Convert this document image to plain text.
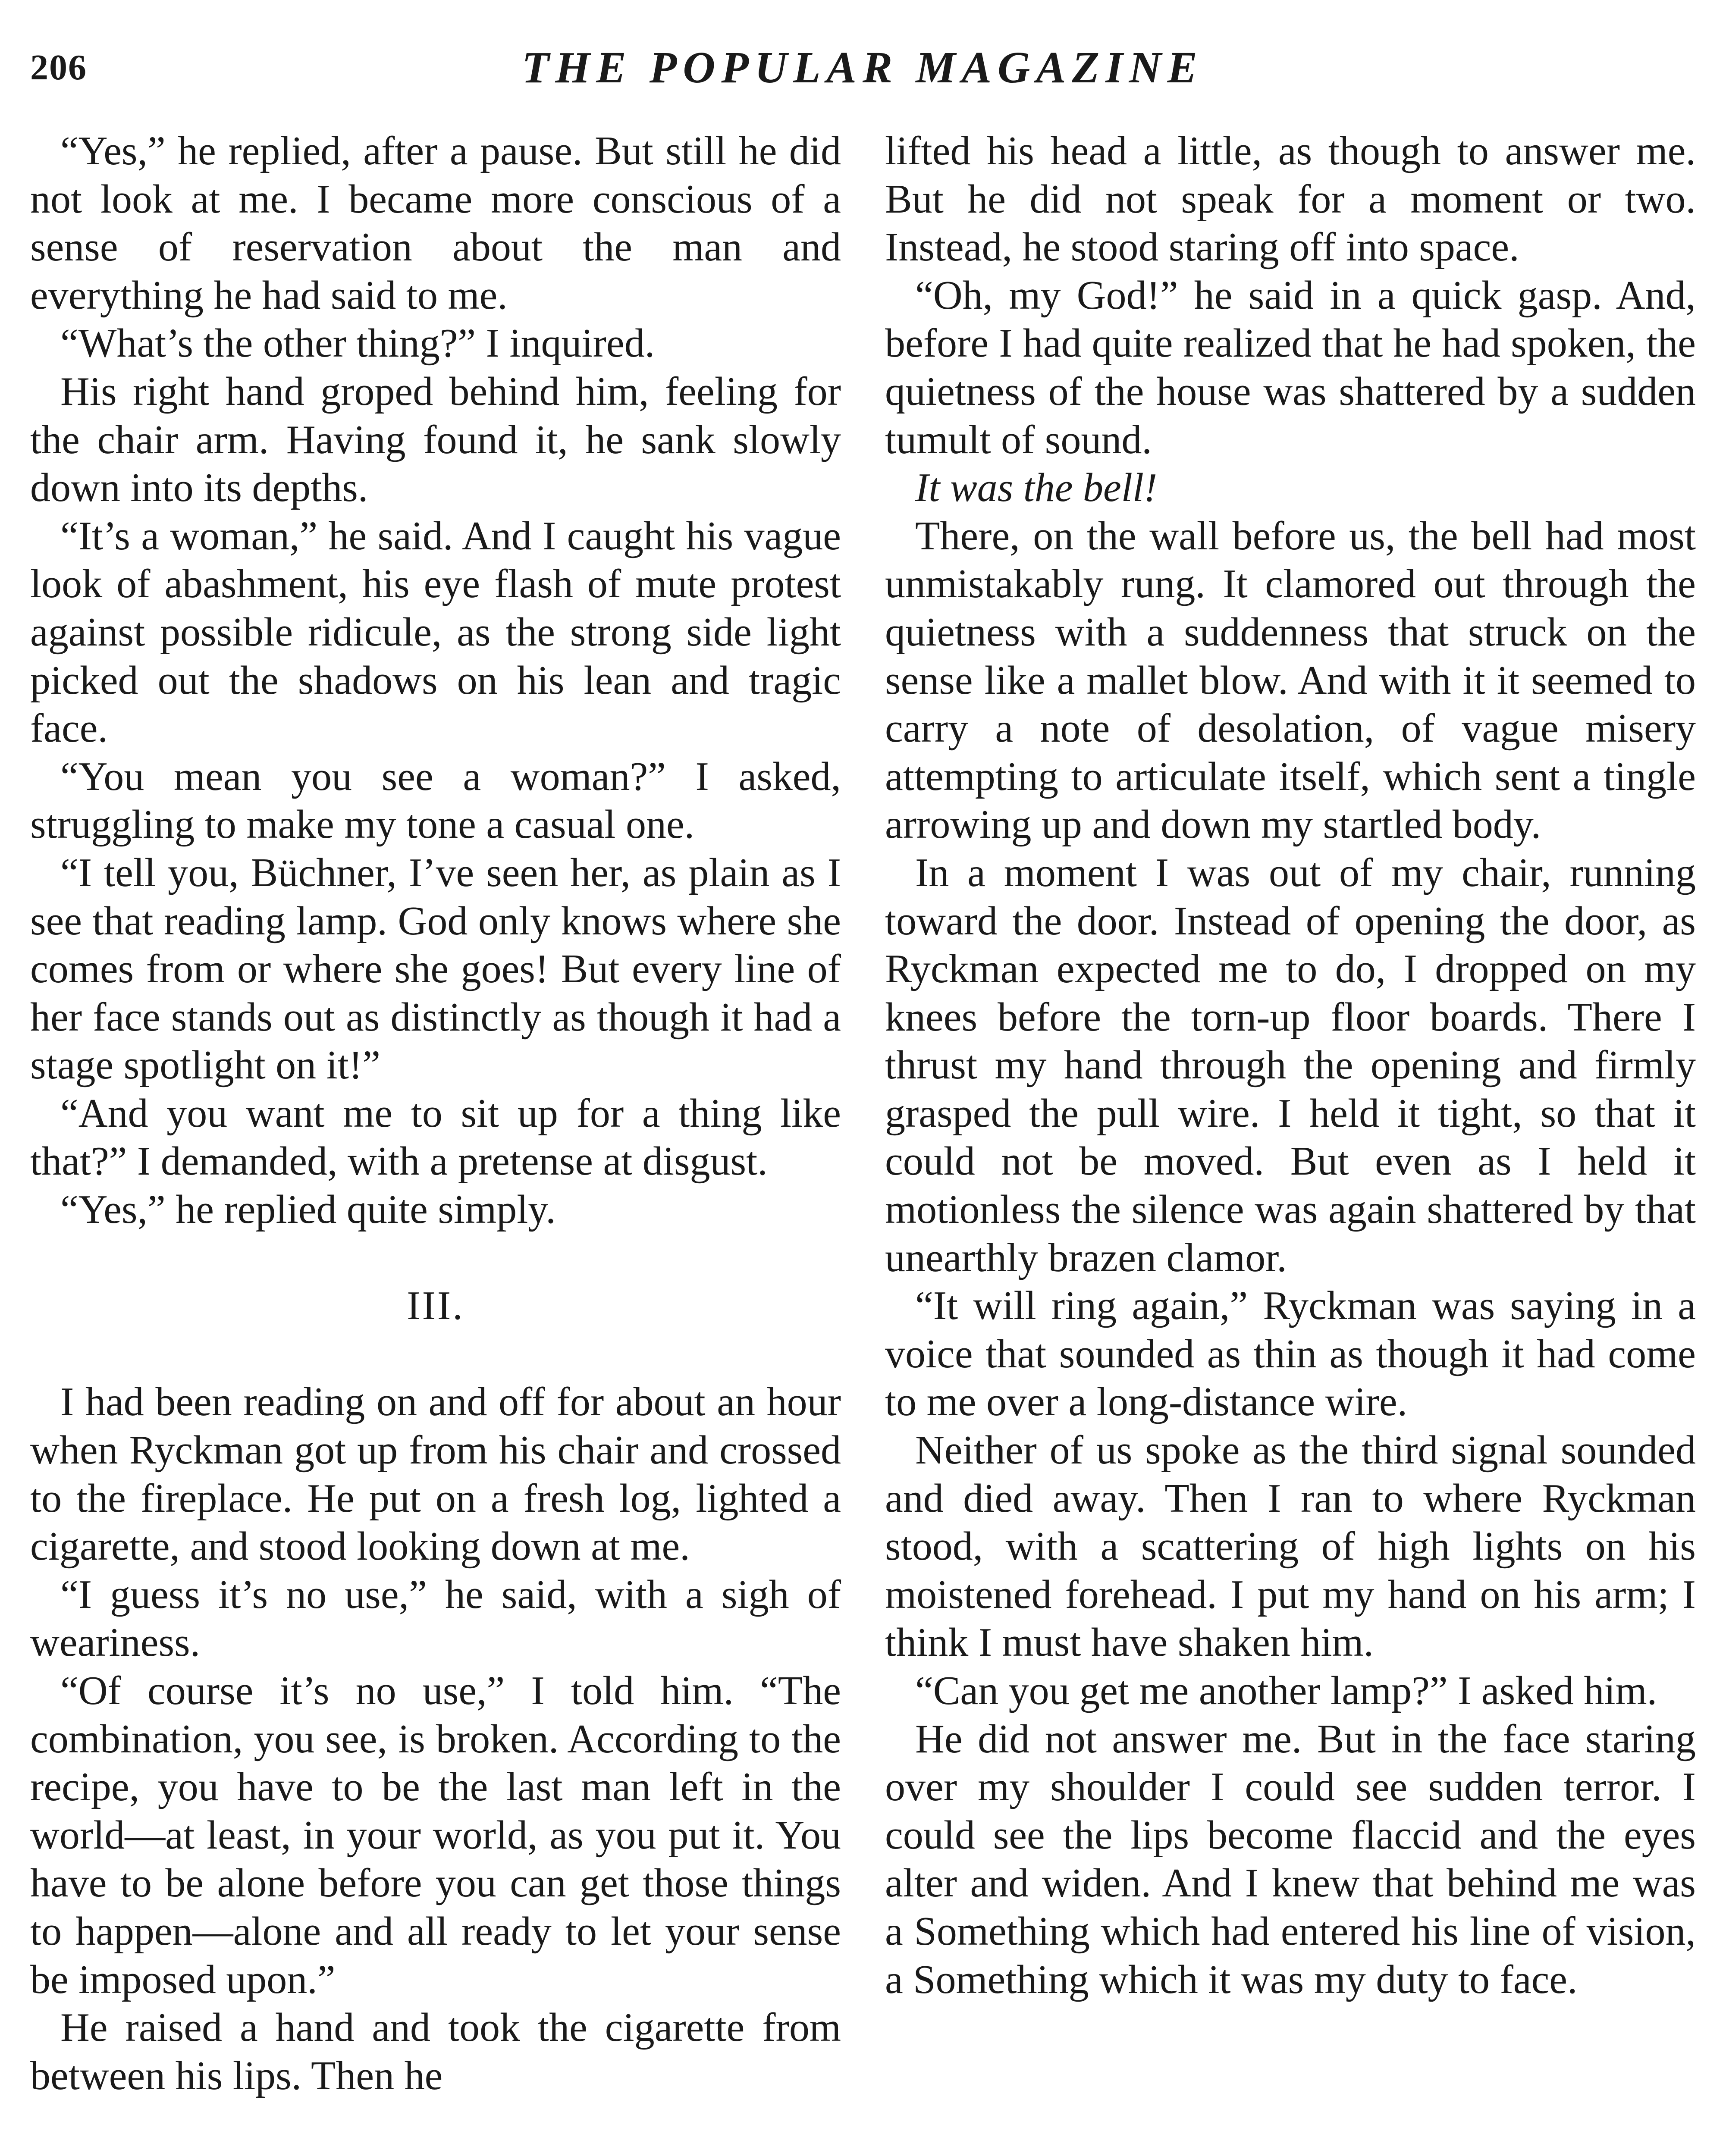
206	THE POPULAR MAGAZINE

“Yes,” he replied, after a pause. But still he did not look at me. I became more conscious of a sense of reservation about the man and everything he had said to me.

“What’s the other thing?” I inquired.

His right hand groped behind him, feeling for the chair arm. Having found it, he sank slowly down into its depths.

“It’s a woman,” he said. And I caught his vague look of abashment, his eye flash of mute protest against possible ridicule, as the strong side light picked out the shadows on his lean and tragic face.

“You mean you see a woman?” I asked, struggling to make my tone a casual one.

“I tell you, Büchner, I’ve seen her, as plain as I see that reading lamp. God only knows where she comes from or where she goes! But every line of her face stands out as distinctly as though it had a stage spotlight on it!”

“And you want me to sit up for a thing like that?” I demanded, with a pretense at disgust.

“Yes,” he replied quite simply.

III.

I had been reading on and off for about an hour when Ryckman got up from his chair and crossed to the fireplace. He put on a fresh log, lighted a cigarette, and stood looking down at me.

“I guess it’s no use,” he said, with a sigh of weariness.

“Of course it’s no use,” I told him. “The combination, you see, is broken. According to the recipe, you have to be the last man left in the world—at least, in your world, as you put it. You have to be alone before you can get those things to happen—alone and all ready to let your sense be imposed upon.”

He raised a hand and took the cigarette from between his lips. Then he

lifted his head a little, as though to answer me. But he did not speak for a moment or two. Instead, he stood staring off into space.

“Oh, my God!” he said in a quick gasp. And, before I had quite realized that he had spoken, the quietness of the house was shattered by a sudden tumult of sound.

It was the bell!

There, on the wall before us, the bell had most unmistakably rung. It clamored out through the quietness with a suddenness that struck on the sense like a mallet blow. And with it it seemed to carry a note of desolation, of vague misery attempting to articulate itself, which sent a tingle arrowing up and down my startled body.

In a moment I was out of my chair, running toward the door. Instead of opening the door, as Ryckman expected me to do, I dropped on my knees before the torn-up floor boards. There I thrust my hand through the opening and firmly grasped the pull wire. I held it tight, so that it could not be moved. But even as I held it motionless the silence was again shattered by that unearthly brazen clamor.

“It will ring again,” Ryckman was saying in a voice that sounded as thin as though it had come to me over a long-distance wire.

Neither of us spoke as the third signal sounded and died away. Then I ran to where Ryckman stood, with a scattering of high lights on his moistened forehead. I put my hand on his arm; I think I must have shaken him.

“Can you get me another lamp?” I asked him.

He did not answer me. But in the face staring over my shoulder I could see sudden terror. I could see the lips become flaccid and the eyes alter and widen. And I knew that behind me was a Something which had entered his line of vision, a Something which it was my duty to face.
